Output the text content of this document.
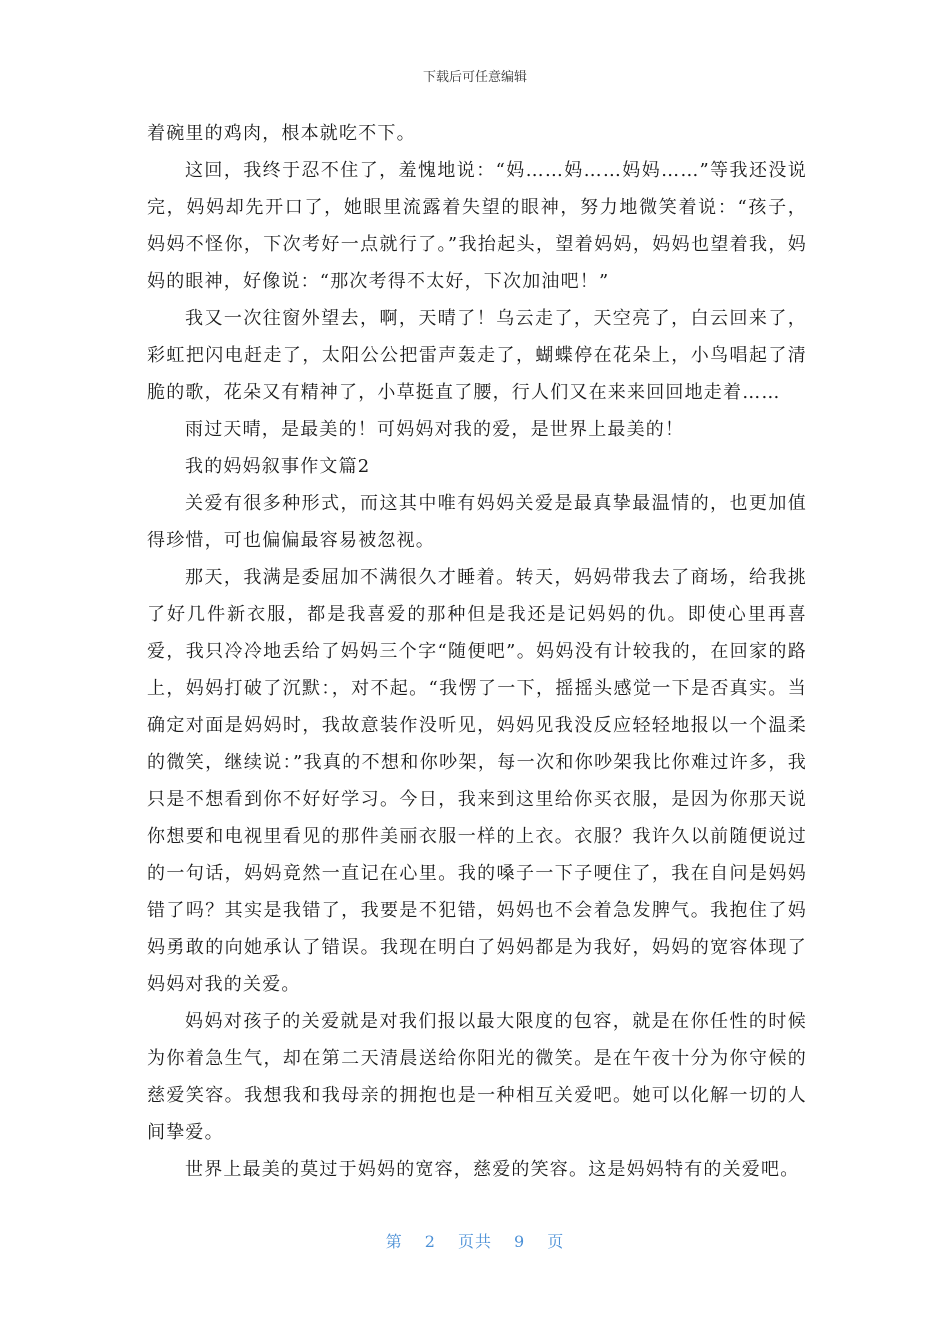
下载后可任意编辑

着碗里的鸡肉，根本就吃不下。

这回，我终于忍不住了，羞愧地说：“妈……妈……妈妈……”等我还没说完，妈妈却先开口了，她眼里流露着失望的眼神，努力地微笑着说：“孩子，妈妈不怪你，下次考好一点就行了。”我抬起头，望着妈妈，妈妈也望着我，妈妈的眼神，好像说：“那次考得不太好，下次加油吧！”

我又一次往窗外望去，啊，天晴了！乌云走了，天空亮了，白云回来了，彩虹把闪电赶走了，太阳公公把雷声轰走了，蝴蝶停在花朵上，小鸟唱起了清脆的歌，花朵又有精神了，小草挺直了腰，行人们又在来来回回地走着……

雨过天晴，是最美的！可妈妈对我的爱，是世界上最美的！

我的妈妈叙事作文篇2

关爱有很多种形式，而这其中唯有妈妈关爱是最真挚最温情的，也更加值得珍惜，可也偏偏最容易被忽视。

那天，我满是委屈加不满很久才睡着。转天，妈妈带我去了商场，给我挑了好几件新衣服，都是我喜爱的那种但是我还是记妈妈的仇。即使心里再喜爱，我只冷冷地丢给了妈妈三个字“随便吧”。妈妈没有计较我的，在回家的路上，妈妈打破了沉默：，对不起。“我愣了一下，摇摇头感觉一下是否真实。当确定对面是妈妈时，我故意装作没听见，妈妈见我没反应轻轻地报以一个温柔的微笑，继续说：”我真的不想和你吵架，每一次和你吵架我比你难过许多，我只是不想看到你不好好学习。今日，我来到这里给你买衣服，是因为你那天说你想要和电视里看见的那件美丽衣服一样的上衣。衣服？我许久以前随便说过的一句话，妈妈竟然一直记在心里。我的嗓子一下子哽住了，我在自问是妈妈错了吗？其实是我错了，我要是不犯错，妈妈也不会着急发脾气。我抱住了妈妈勇敢的向她承认了错误。我现在明白了妈妈都是为我好，妈妈的宽容体现了妈妈对我的关爱。

妈妈对孩子的关爱就是对我们报以最大限度的包容，就是在你任性的时候为你着急生气，却在第二天清晨送给你阳光的微笑。是在午夜十分为你守候的慈爱笑容。我想我和我母亲的拥抱也是一种相互关爱吧。她可以化解一切的人间挚爱。

世界上最美的莫过于妈妈的宽容，慈爱的笑容。这是妈妈特有的关爱吧。

第 2 页共 9 页
